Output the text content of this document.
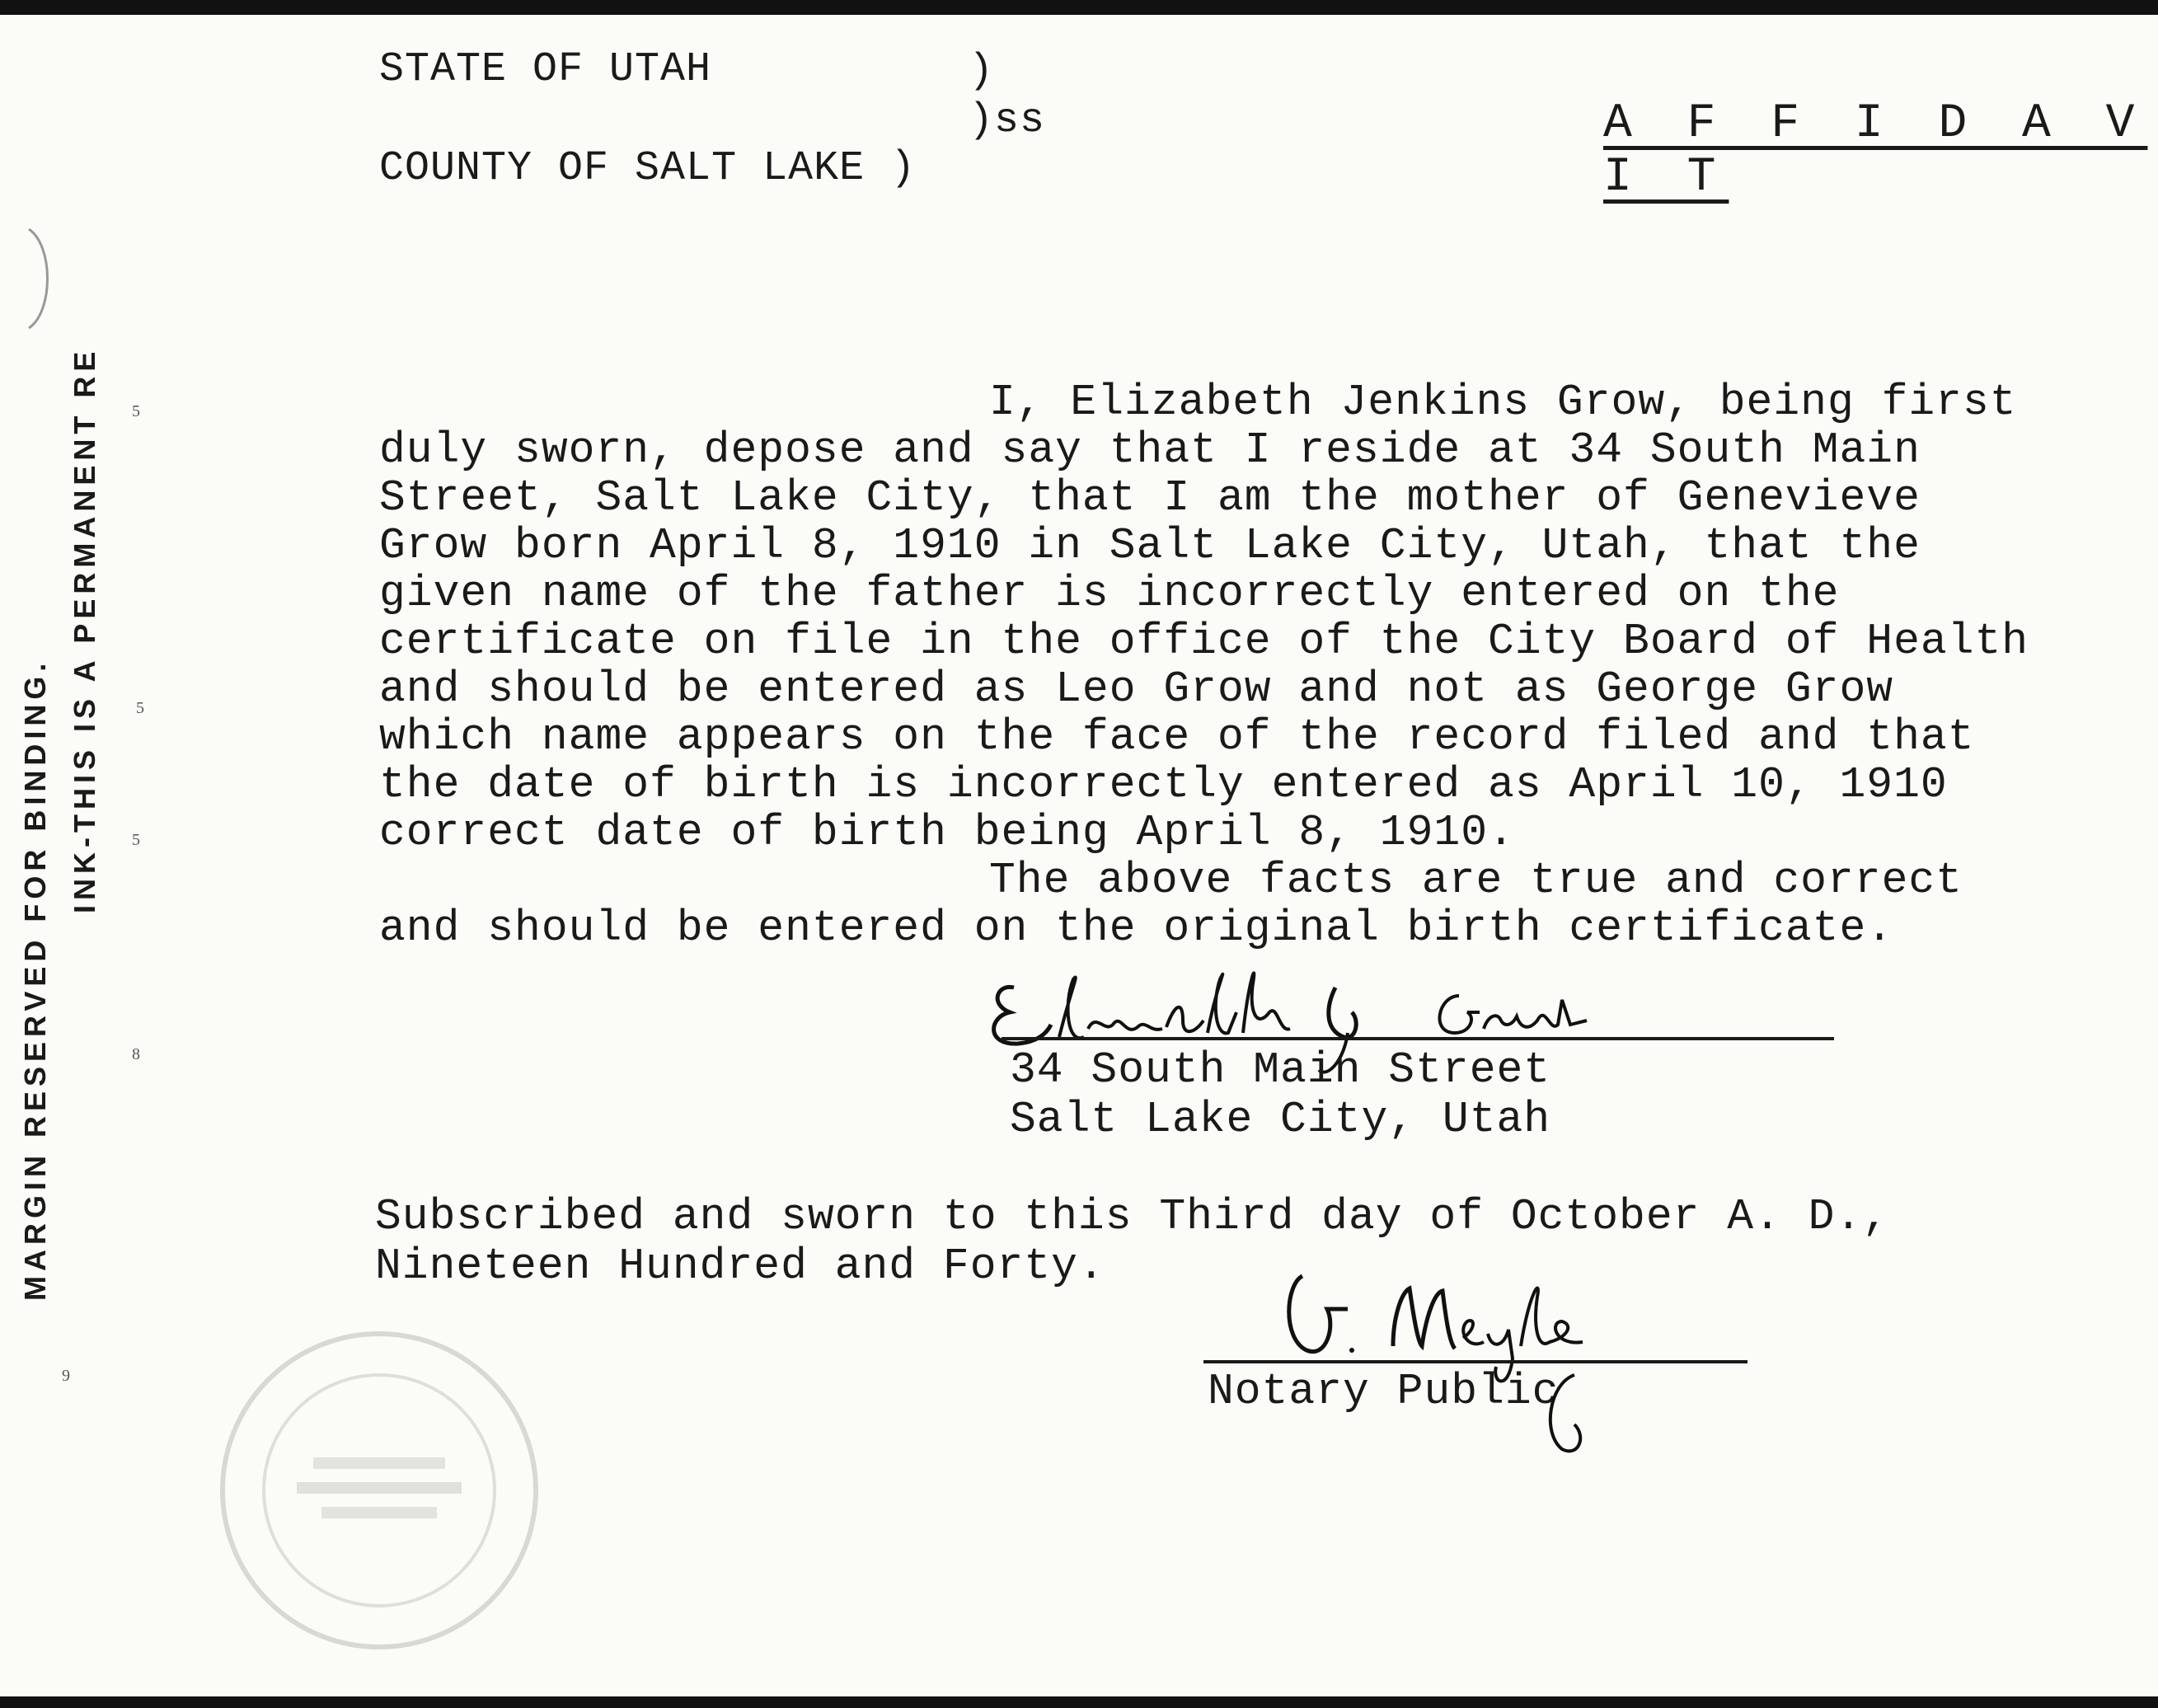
STATE OF UTAH	)
)ss
COUNTY OF SALT LAKE )
A F F I D A V I T
I, Elizabeth Jenkins Grow, being first
duly sworn, depose and say that I reside at 34 South Main
Street, Salt Lake City, that I am the mother of Genevieve
Grow born April 8, 1910 in Salt Lake City, Utah, that the
given name of the father is incorrectly entered on the
certificate on file in the office of the City Board of Health
and should be entered as Leo Grow and not as George Grow
which name appears on the face of the record filed and that
the date of birth is incorrectly entered as April 10, 1910
correct date of birth being April 8, 1910.
The above facts are true and correct
and should be entered on the original birth certificate.
34 South Main Street
Salt Lake City, Utah
Subscribed and sworn to this Third day of October A. D.,
Nineteen Hundred and Forty.
Notary Public
MARGIN RESERVED FOR BINDING.
INK-THIS IS A PERMANENT RE 5
5
5
8
9
